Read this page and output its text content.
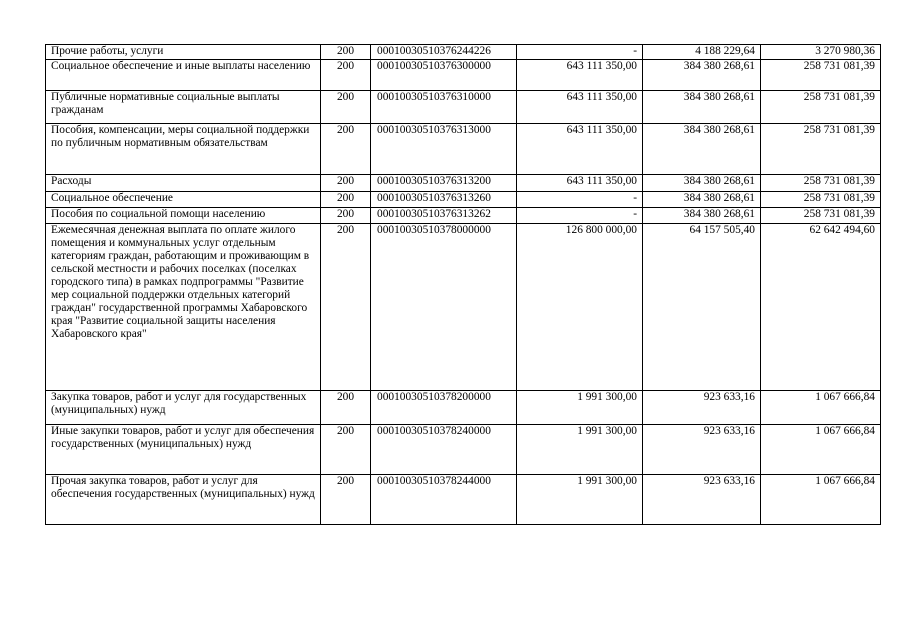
Прочие работы, услуги	200	00010030510376244226	-	4 188 229,64	3 270 980,36
Социальное обеспечение и иные выплаты населению	200	00010030510376300000	643 111 350,00	384 380 268,61	258 731 081,39
Публичные нормативные социальные выплаты гражданам	200	00010030510376310000	643 111 350,00	384 380 268,61	258 731 081,39
Пособия, компенсации, меры социальной поддержки по публичным нормативным обязательствам	200	00010030510376313000	643 111 350,00	384 380 268,61	258 731 081,39
Расходы	200	00010030510376313200	643 111 350,00	384 380 268,61	258 731 081,39
Социальное обеспечение	200	00010030510376313260	-	384 380 268,61	258 731 081,39
Пособия по социальной помощи населению	200	00010030510376313262	-	384 380 268,61	258 731 081,39
Ежемесячная денежная выплата по оплате жилого помещения и коммунальных услуг отдельным категориям граждан, работающим и проживающим в сельской местности и рабочих поселках (поселках городского типа) в рамках подпрограммы "Развитие мер социальной поддержки отдельных категорий граждан" государственной программы Хабаровского края "Развитие социальной защиты населения Хабаровского края"	200	00010030510378000000	126 800 000,00	64 157 505,40	62 642 494,60
Закупка товаров, работ и услуг для государственных (муниципальных) нужд	200	00010030510378200000	1 991 300,00	923 633,16	1 067 666,84
Иные закупки товаров, работ и услуг для обеспечения государственных (муниципальных) нужд	200	00010030510378240000	1 991 300,00	923 633,16	1 067 666,84
Прочая закупка товаров, работ и услуг для обеспечения государственных (муниципальных) нужд	200	00010030510378244000	1 991 300,00	923 633,16	1 067 666,84
